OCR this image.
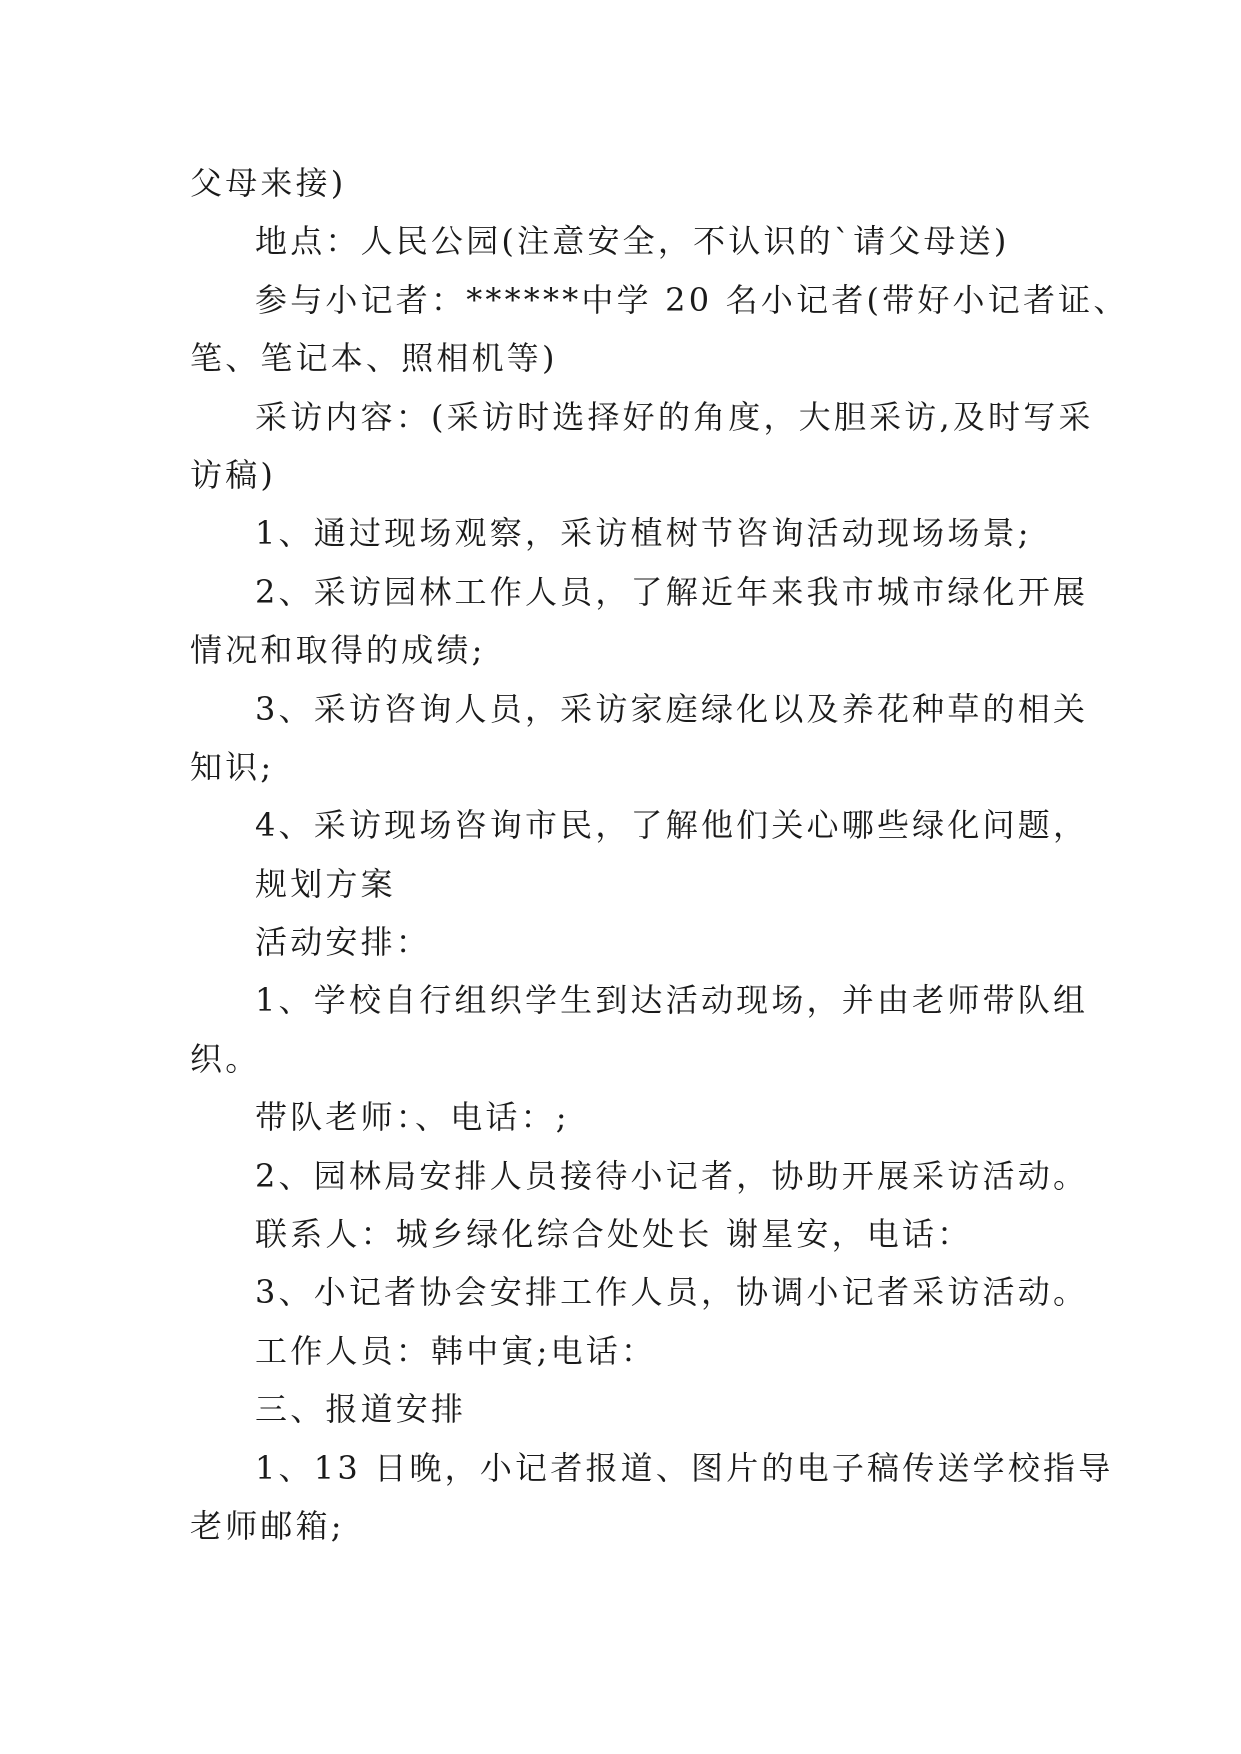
父母来接)
地点：人民公园(注意安全，不认识的`请父母送)
参与小记者：******中学 20 名小记者(带好小记者证、
笔、笔记本、照相机等)
采访内容：(采访时选择好的角度，大胆采访,及时写采
访稿)
1、通过现场观察，采访植树节咨询活动现场场景;
2、采访园林工作人员，了解近年来我市城市绿化开展
情况和取得的成绩;
3、采访咨询人员，采访家庭绿化以及养花种草的相关
知识;
4、采访现场咨询市民，了解他们关心哪些绿化问题，
规划方案
活动安排：
1、学校自行组织学生到达活动现场，并由老师带队组
织。
带队老师：、电话：;
2、园林局安排人员接待小记者，协助开展采访活动。
联系人：城乡绿化综合处处长 谢星安，电话：
3、小记者协会安排工作人员，协调小记者采访活动。
工作人员：韩中寅;电话：
三、报道安排
1、13 日晚，小记者报道、图片的电子稿传送学校指导
老师邮箱;
